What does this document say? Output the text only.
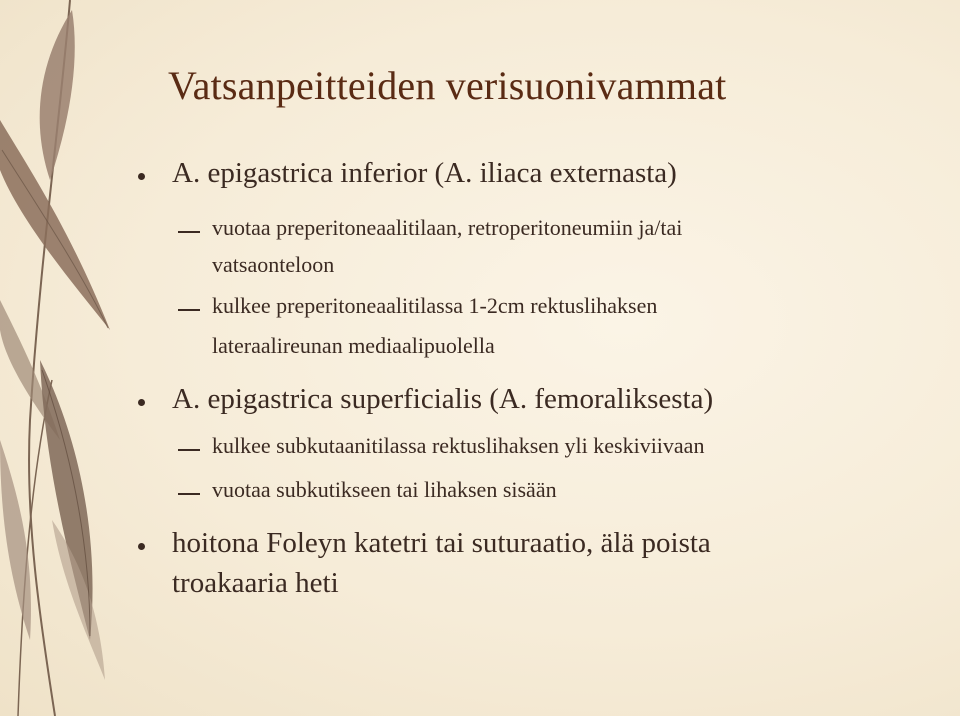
Vatsanpeitteiden verisuonivammat
A. epigastrica inferior (A. iliaca externasta)
vuotaa preperitoneaalitilaan, retroperitoneumiin ja/tai
vatsaonteloon
kulkee preperitoneaalitilassa 1-2cm rektuslihaksen
lateraalireunan mediaalipuolella
A. epigastrica superficialis (A. femoraliksesta)
kulkee subkutaanitilassa rektuslihaksen yli keskiviivaan
vuotaa subkutikseen tai lihaksen sisään
hoitona Foleyn katetri tai suturaatio, älä poista
troakaaria heti
